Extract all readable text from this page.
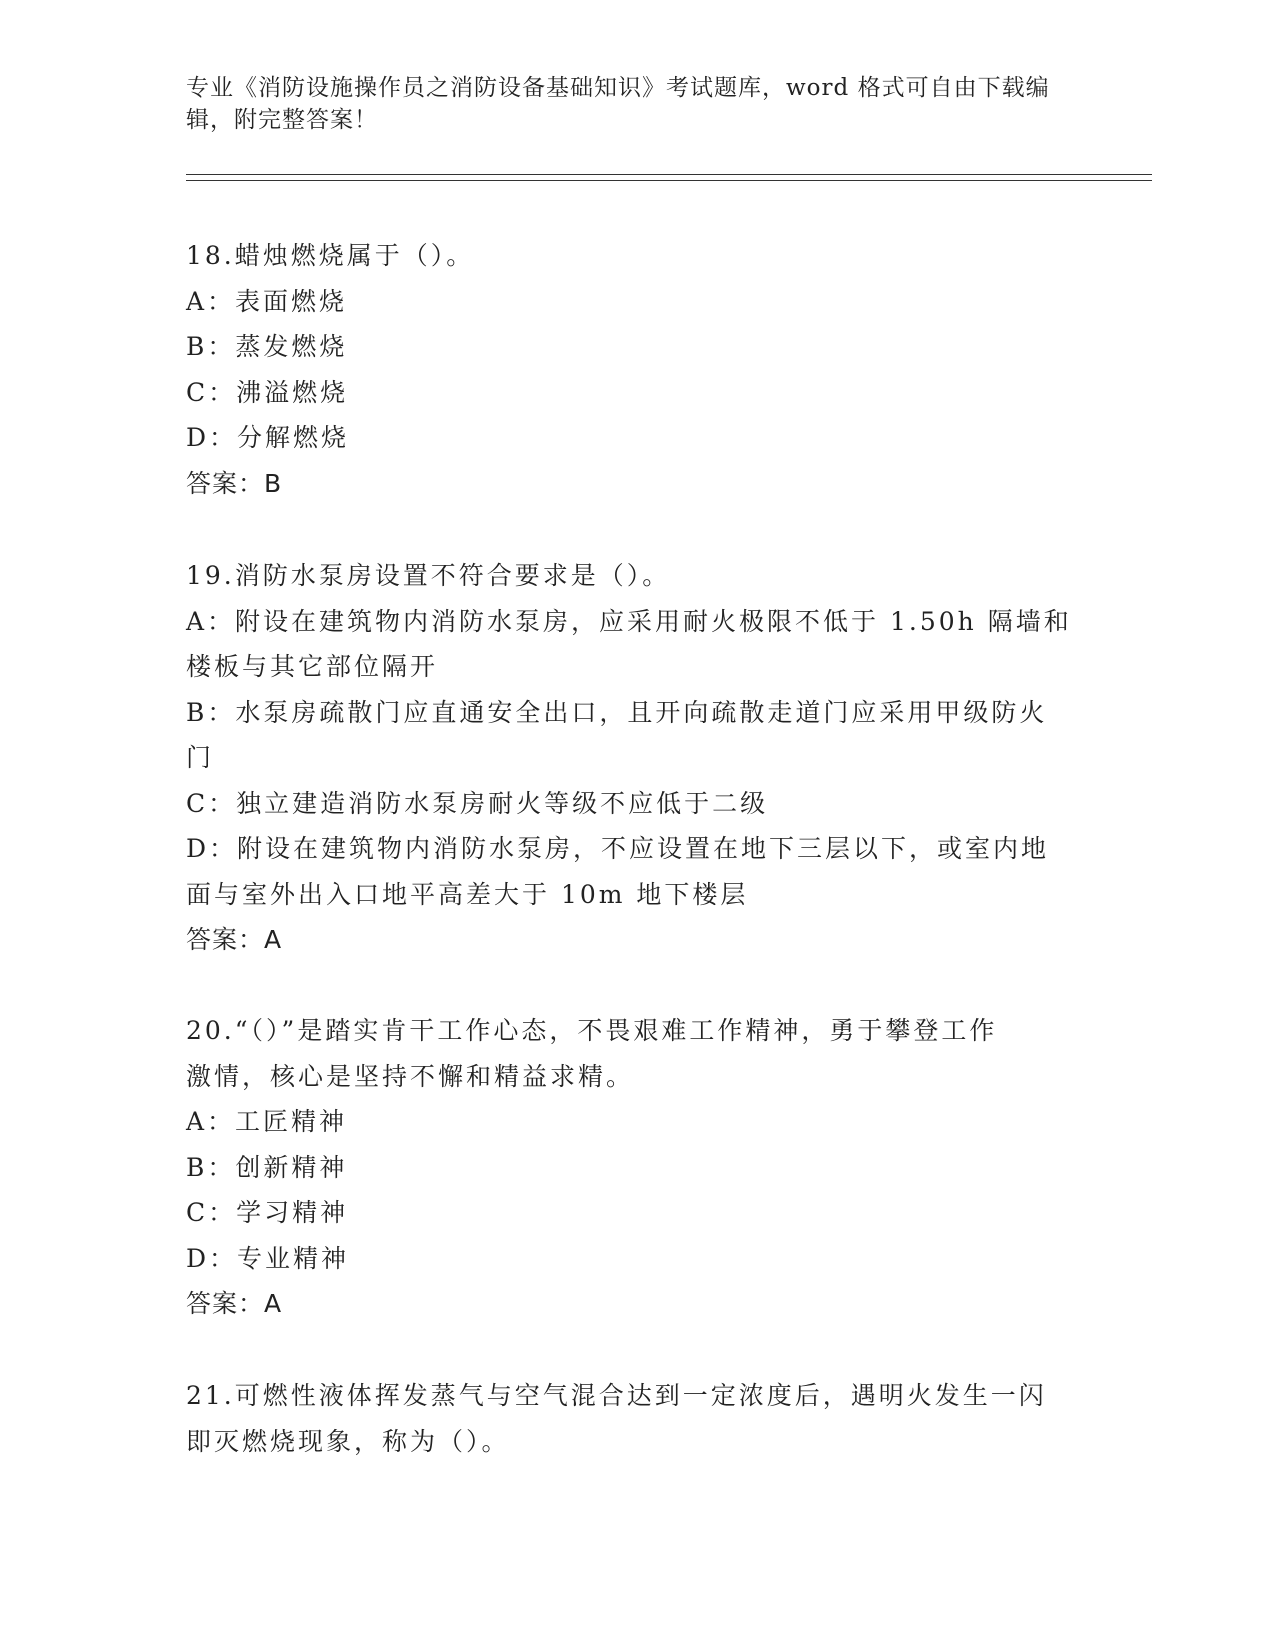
专业《消防设施操作员之消防设备基础知识》考试题库，word 格式可自由下载编
辑，附完整答案！
18.蜡烛燃烧属于（）。
A：表面燃烧
B：蒸发燃烧
C：沸溢燃烧
D：分解燃烧
答案：B
19.消防水泵房设置不符合要求是（）。
A：附设在建筑物内消防水泵房，应采用耐火极限不低于 1.50h 隔墙和
楼板与其它部位隔开
B：水泵房疏散门应直通安全出口，且开向疏散走道门应采用甲级防火
门
C：独立建造消防水泵房耐火等级不应低于二级
D：附设在建筑物内消防水泵房，不应设置在地下三层以下，或室内地
面与室外出入口地平高差大于 10m 地下楼层
答案：A
20.“（）”是踏实肯干工作心态，不畏艰难工作精神，勇于攀登工作
激情，核心是坚持不懈和精益求精。
A：工匠精神
B：创新精神
C：学习精神
D：专业精神
答案：A
21.可燃性液体挥发蒸气与空气混合达到一定浓度后，遇明火发生一闪
即灭燃烧现象，称为（）。
